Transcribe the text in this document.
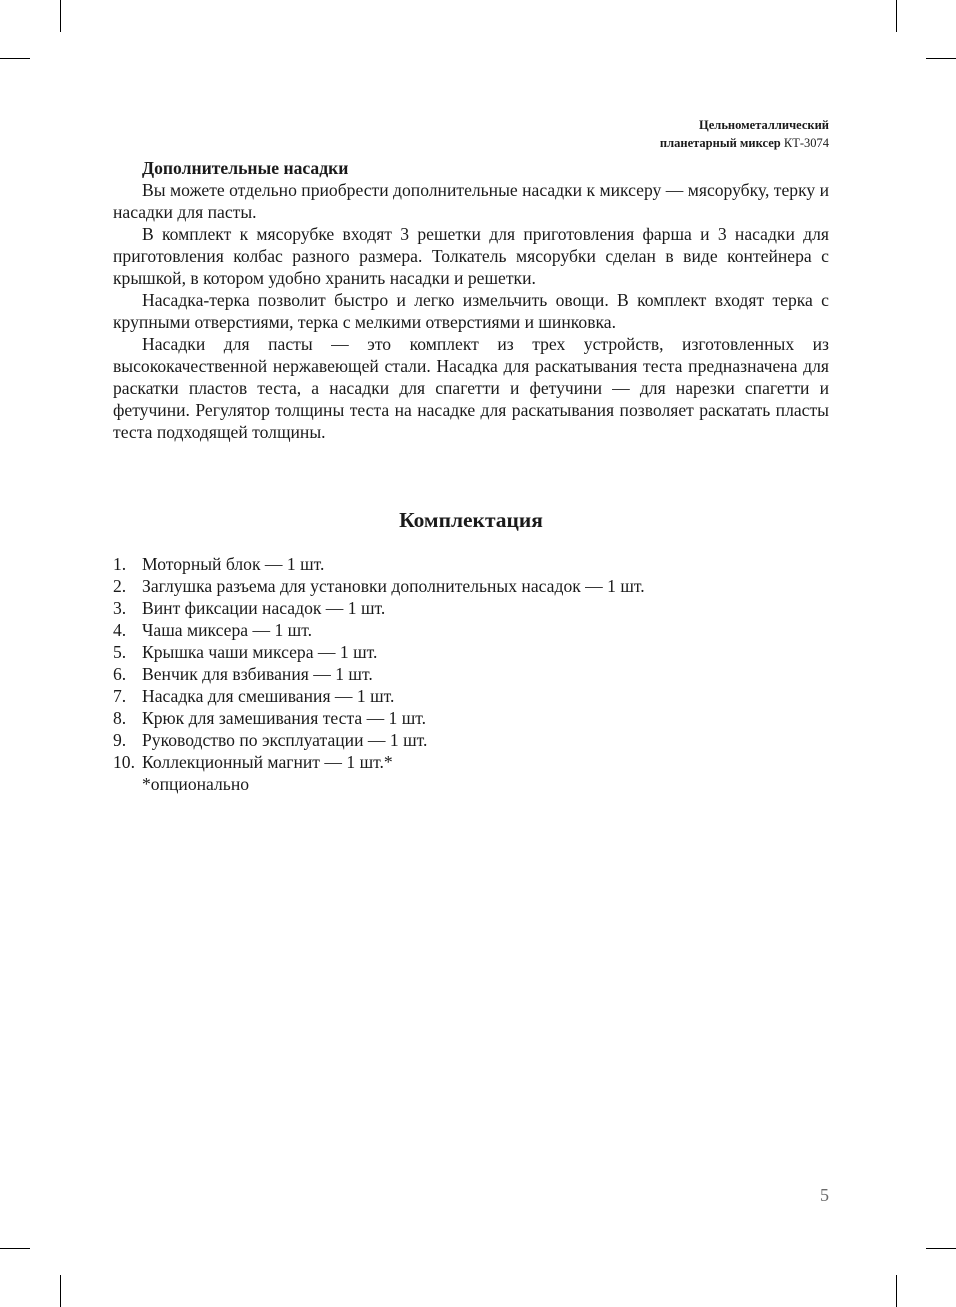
Цельнометаллический
планетарный миксер КТ-3074

Дополнительные насадки

Вы можете отдельно приобрести дополнительные насадки к миксеру — мясорубку, терку и насадки для пасты.

В комплект к мясорубке входят 3 решетки для приготовления фарша и 3 насадки для приготовления колбас разного размера. Толкатель мясорубки сделан в виде контейнера с крышкой, в котором удобно хранить насадки и решетки.

Насадка-терка позволит быстро и легко измельчить овощи. В комплект входят терка с крупными отверстиями, терка с мелкими отверстиями и шинковка.

Насадки для пасты — это комплект из трех устройств, изготовленных из высококачественной нержавеющей стали. Насадка для раскатывания теста предназначена для раскатки пластов теста, а насадки для спагетти и фетучини — для нарезки спагетти и фетучини. Регулятор толщины теста на насадке для раскатывания позволяет раскатать пласты теста подходящей толщины.

Комплектация
1. Моторный блок — 1 шт.
2. Заглушка разъема для установки дополнительных насадок — 1 шт.
3. Винт фиксации насадок — 1 шт.
4. Чаша миксера — 1 шт.
5. Крышка чаши миксера — 1 шт.
6. Венчик для взбивания — 1 шт.
7. Насадка для смешивания — 1 шт.
8. Крюк для замешивания теста — 1 шт.
9. Руководство по эксплуатации — 1 шт.
10. Коллекционный магнит — 1 шт.*

*опционально

5
